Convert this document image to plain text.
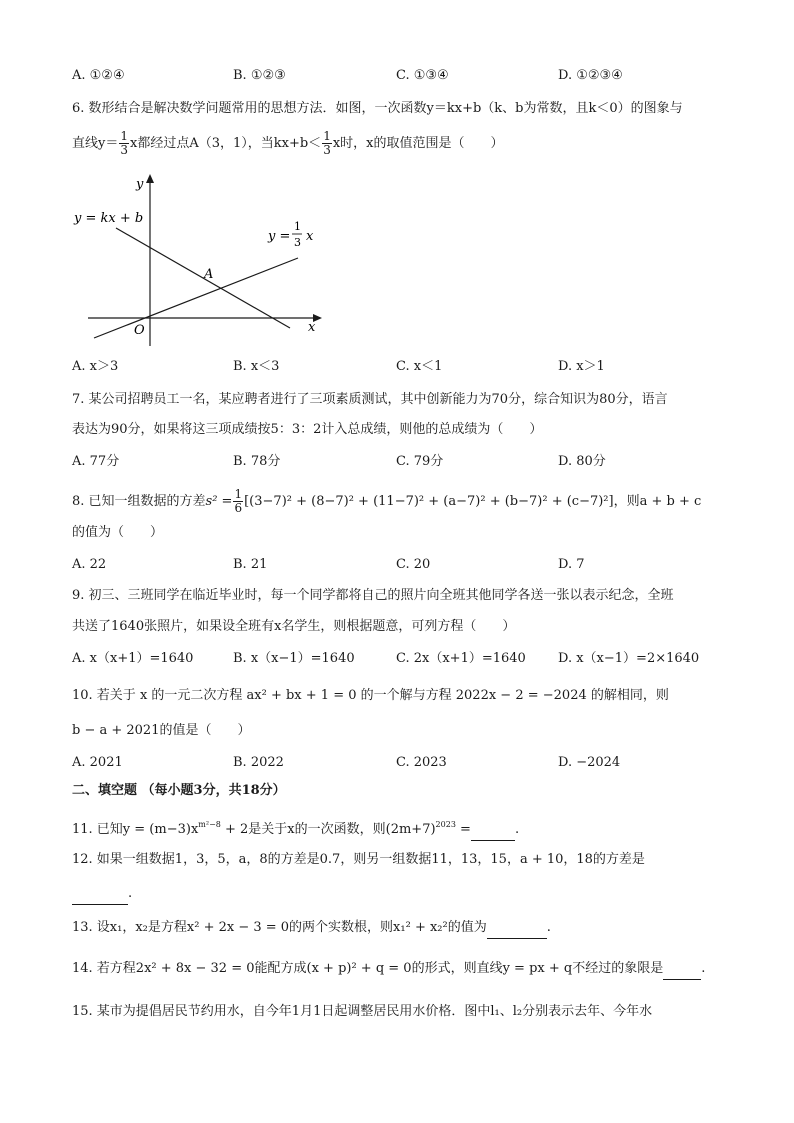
A. ①②④	B. ①②③	C. ①③④	D. ①②③④
6. 数形结合是解决数学问题常用的思想方法．如图，一次函数y＝kx+b（k、b为常数，且k＜0）的图象与
直线$y= \frac{1}{3}$ x都经过点A（3，1），当$kx+b< \frac{1}{3}$ x时，x的取值范围是（　　）
y
x
O
A
y = kx + b
y =
1
3 x
A. x＞3	B. x＜3	C. x＜1	D. x＞1
7. 某公司招聘员工一名，某应聘者进行了三项素质测试，其中创新能力为70分，综合知识为80分，语言
表达为90分，如果将这三项成绩按5：3：2计入总成绩，则他的总成绩为（　　）
A. 77分	B. 78分	C. 79分	D. 80分
8. 已知一组数据的方差$s^2 = \frac{1}{6} [(3-7)^2 + (8-7)^2 + (11-7)^2 + (a-7)^2 + (b-7)^2 + (c-7)^2]$，则a + b + c
的值为（　　）
A. 22	B. 21	C. 20	D. 7
9. 初三、三班同学在临近毕业时，每一个同学都将自己的照片向全班其他同学各送一张以表示纪念，全班
共送了1640张照片，如果设全班有x名学生，则根据题意，可列方程（　　）
A. x（x+1）=1640	B. x（x−1）=1640	C. 2x（x+1）=1640 D. x（x−1）=2×1640
10. 若关于 x 的一元二次方程 ax² + bx + 1 = 0 的一个解与方程 2022x − 2 = −2024 的解相同，则
b − a + 2021的值是（　　）
A. 2021	B. 2022	C. 2023	D. −2024
二、填空题 （每小题3分，共18分）
11. 已知$y = (m-3)x^{m^2-8} + 2$是关于x的一次函数，则$(2m+7)^{2023}$ =	.
12. 如果一组数据1，3，5，a，8的方差是0.7，则另一组数据11，13，15，a + 10，18的方差是
.
13. 设x₁，x₂是方程x² + 2x − 3 = 0的两个实数根，则x₁² + x₂²的值为	.
14. 若方程2x² + 8x − 32 = 0能配方成(x + p)² + q = 0的形式，则直线y = px + q不经过的象限是	.
15. 某市为提倡居民节约用水，自今年1月1日起调整居民用水价格．图中l₁、l₂分别表示去年、今年水
